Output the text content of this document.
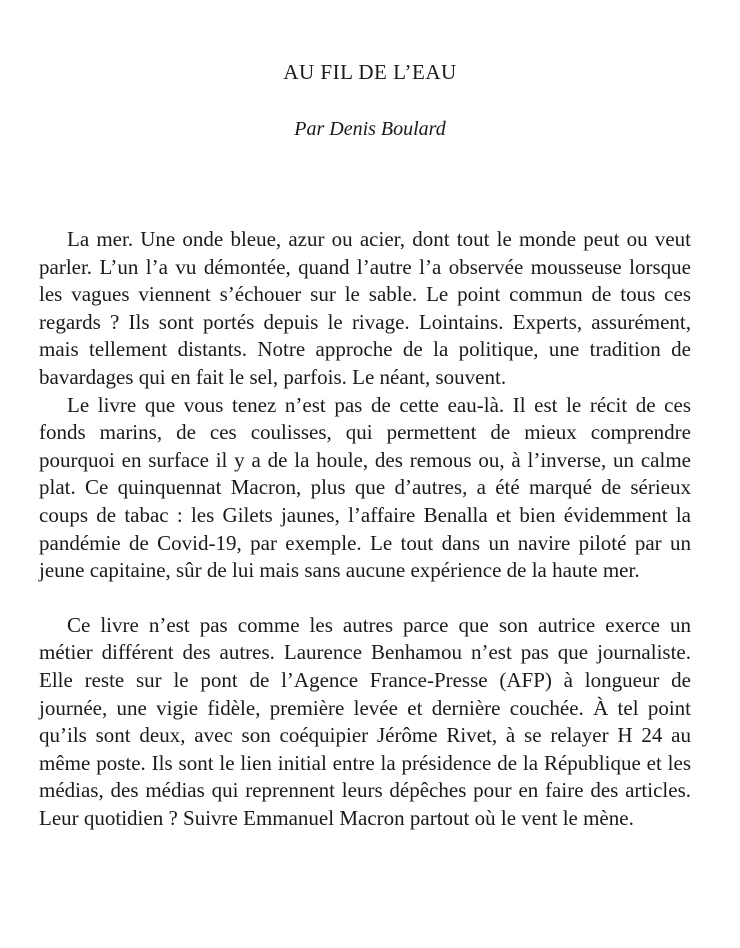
AU FIL DE L’EAU

Par Denis Boulard

La mer. Une onde bleue, azur ou acier, dont tout le monde peut ou veut parler. L’un l’a vu démontée, quand l’autre l’a observée mousseuse lorsque les vagues viennent s’échouer sur le sable. Le point commun de tous ces regards ? Ils sont portés depuis le rivage. Lointains. Experts, assurément, mais tellement distants. Notre approche de la politique, une tradition de bavardages qui en fait le sel, parfois. Le néant, souvent.

Le livre que vous tenez n’est pas de cette eau-là. Il est le récit de ces fonds marins, de ces coulisses, qui permettent de mieux comprendre pourquoi en surface il y a de la houle, des remous ou, à l’inverse, un calme plat. Ce quinquennat Macron, plus que d’autres, a été marqué de sérieux coups de tabac : les Gilets jaunes, l’affaire Benalla et bien évidemment la pandémie de Covid-19, par exemple. Le tout dans un navire piloté par un jeune capitaine, sûr de lui mais sans aucune expérience de la haute mer.

Ce livre n’est pas comme les autres parce que son autrice exerce un métier différent des autres. Laurence Benhamou n’est pas que journaliste. Elle reste sur le pont de l’Agence France-Presse (AFP) à longueur de journée, une vigie fidèle, première levée et dernière couchée. À tel point qu’ils sont deux, avec son coéquipier Jérôme Rivet, à se relayer H 24 au même poste. Ils sont le lien initial entre la présidence de la République et les médias, des médias qui reprennent leurs dépêches pour en faire des articles. Leur quotidien ? Suivre Emmanuel Macron partout où le vent le mène.
